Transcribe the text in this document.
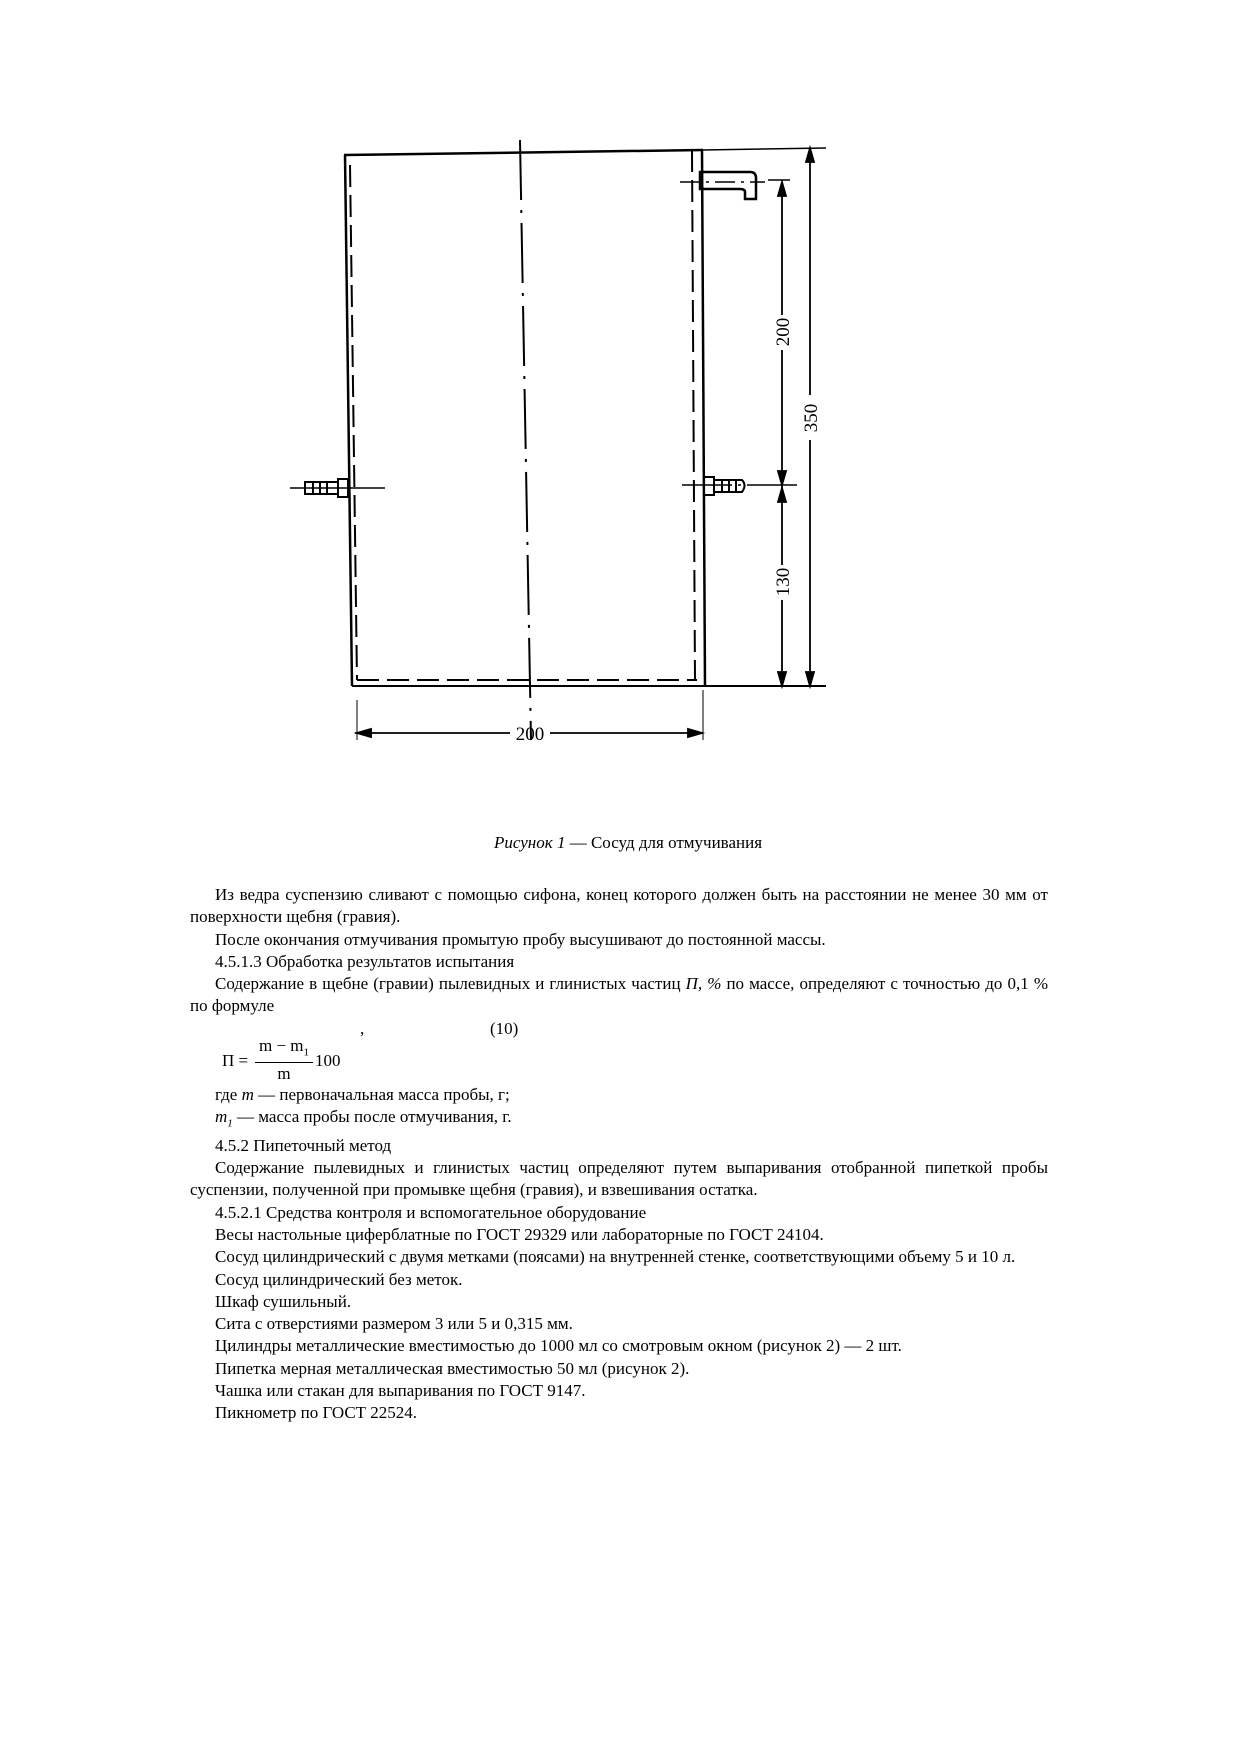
200
350
200
130
Рисунок 1 — Сосуд для отмучивания

Из ведра суспензию сливают с помощью сифона, конец которого должен быть на расстоянии не менее 30 мм от поверхности щебня (гравия).

После окончания отмучивания промытую пробу высушивают до постоянной массы.

4.5.1.3 Обработка результатов испытания

Содержание в щебне (гравии) пылевидных и глинистых частиц П, % по массе, определяют с точностью до 0,1 % по формуле

,	(10)
$П = \frac{m - m_1}{m} 100$

где m — первоначальная масса пробы, г;

$m_1$ — масса пробы после отмучивания, г.

4.5.2 Пипеточный метод

Содержание пылевидных и глинистых частиц определяют путем выпаривания отобранной пипеткой пробы суспензии, полученной при промывке щебня (гравия), и взвешивания остатка.

4.5.2.1 Средства контроля и вспомогательное оборудование

Весы настольные циферблатные по ГОСТ 29329 или лабораторные по ГОСТ 24104.

Сосуд цилиндрический с двумя метками (поясами) на внутренней стенке, соответствующими объему 5 и 10 л.

Сосуд цилиндрический без меток.

Шкаф сушильный.

Сита с отверстиями размером 3 или 5 и 0,315 мм.

Цилиндры металлические вместимостью до 1000 мл со смотровым окном (рисунок 2) — 2 шт.

Пипетка мерная металлическая вместимостью 50 мл (рисунок 2).

Чашка или стакан для выпаривания по ГОСТ 9147.

Пикнометр по ГОСТ 22524.
